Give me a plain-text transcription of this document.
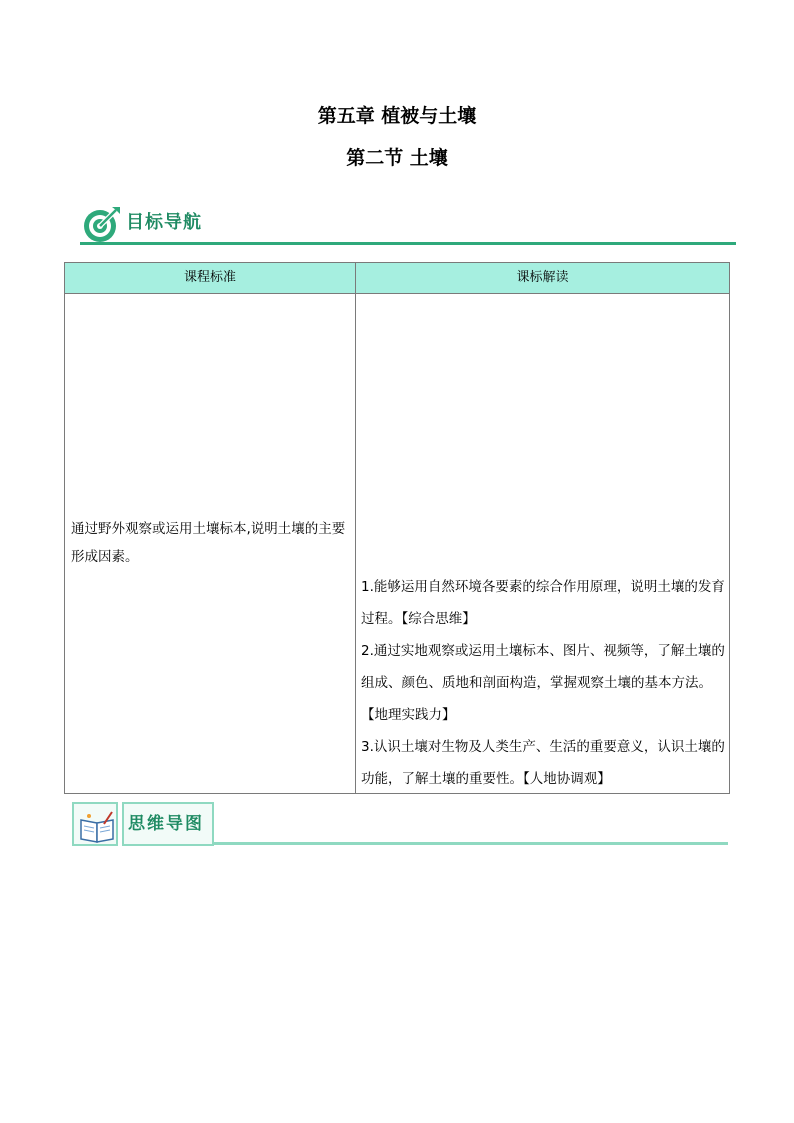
第五章 植被与土壤
第二节 土壤
目标导航
课程标准	课标解读
通过野外观察或运用土壤标本,说明土壤的主要形成因素。
1.能够运用自然环境各要素的综合作用原理，说明土壤的发育过程。【综合思维】
2.通过实地观察或运用土壤标本、图片、视频等，了解土壤的组成、颜色、质地和剖面构造，掌握观察土壤的基本方法。【地理实践力】
3.认识土壤对生物及人类生产、生活的重要意义，认识土壤的功能，了解土壤的重要性。【人地协调观】
思维导图
